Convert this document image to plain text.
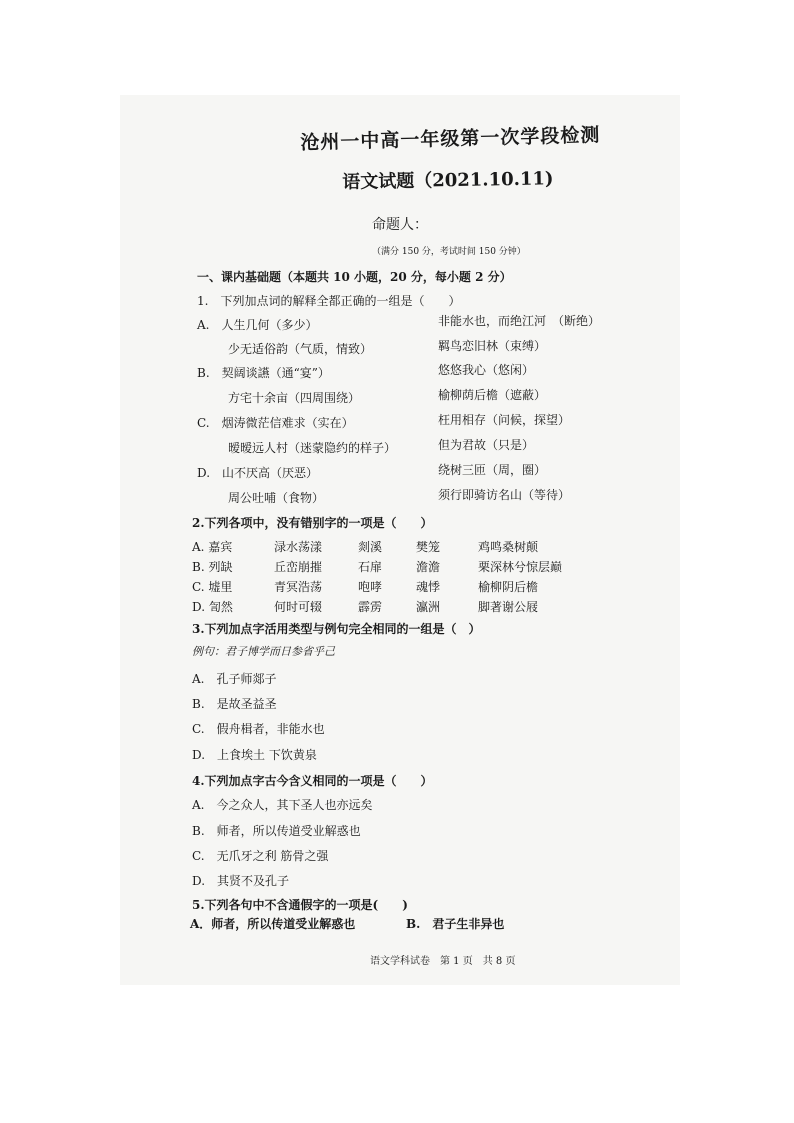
沧州一中高一年级第一次学段检测
语文试题（2021.10.11)
命题人：
（满分 150 分，考试时间 150 分钟）
一、课内基础题（本题共 10 小题，20 分，每小题 2 分）
1.　下列加点词的解释全都正确的一组是（　　）
A.　人生几何（多少）	非能水也，而绝江河　（断绝）
少无适俗韵（气质，情致）	羁鸟恋旧林（束缚）
B.　契阔谈讌（通“宴”）	悠悠我心（悠闲）
方宅十余亩（四周围绕）	榆柳荫后檐（遮蔽）
C.　烟涛微茫信难求（实在）	枉用相存（问候，探望）
暧暧远人村（迷蒙隐约的样子）	但为君故（只是）
D.　山不厌高（厌恶）	绕树三匝（周，圈）
周公吐哺（食物）	须行即骑访名山（等待）
2.下列各项中，没有错别字的一项是（　　）
A. 嘉宾	渌水荡漾	剡溪	樊笼	鸡鸣桑树颠
B. 列缺	丘峦崩摧	石扉	澹澹	栗深林兮惊层巅
C. 墟里	青冥浩荡	咆哮	魂悸	榆柳阴后檐
D. 訇然	何时可辍	霹雳	瀛洲	脚著谢公屐
3.下列加点字活用类型与例句完全相同的一组是（　）
例句：君子博学而日参省乎己
A.　孔子师郯子
B.　是故圣益圣
C.　假舟楫者，非能水也
D.　上食埃土 下饮黄泉
4.下列加点字古今含义相同的一项是（　　）
A.　今之众人，其下圣人也亦远矣
B.　师者，所以传道受业解惑也
C.　无爪牙之利 筋骨之强
D.　其贤不及孔子
5.下列各句中不含通假字的一项是(　　)
A．师者，所以传道受业解惑也	B.　君子生非异也
语文学科试卷　第 1 页　共 8 页
